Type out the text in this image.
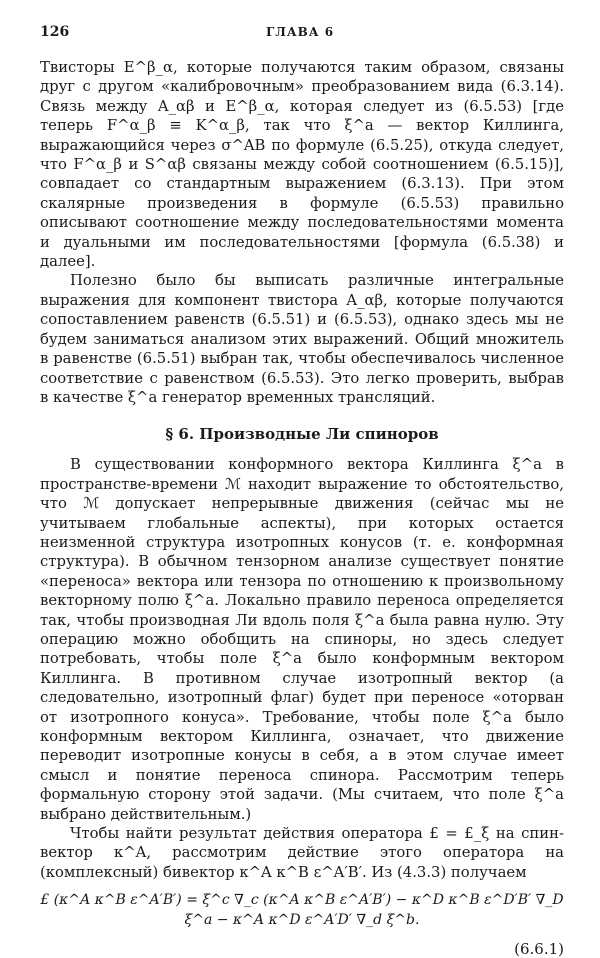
126	ГЛАВА 6

Твисторы Ε^β_α, которые получаются таким образом, связаны друг с другом «калибровочным» преобразованием вида (6.3.14). Связь между A_αβ и Ε^β_α, которая следует из (6.5.53) [где теперь F^α_β ≡ K^α_β, так что ξ^a — вектор Киллинга, выражающийся через σ^AB по формуле (6.5.25), откуда следует, что F^α_β и S^αβ связаны между собой соотношением (6.5.15)], совпадает со стандартным выражением (6.3.13). При этом скалярные произведения в формуле (6.5.53) правильно описывают соотношение между последовательностями момента и дуальными им последовательностями [формула (6.5.38) и далее].

Полезно было бы выписать различные интегральные выражения для компонент твистора A_αβ, которые получаются сопоставлением равенств (6.5.51) и (6.5.53), однако здесь мы не будем заниматься анализом этих выражений. Общий множитель в равенстве (6.5.51) выбран так, чтобы обеспечивалось численное соответствие с равенством (6.5.53). Это легко проверить, выбрав в качестве ξ^a генератор временных трансляций.

§ 6. Производные Ли спиноров

В существовании конформного вектора Киллинга ξ^a в пространстве-времени ℳ находит выражение то обстоятельство, что ℳ допускает непрерывные движения (сейчас мы не учитываем глобальные аспекты), при которых остается неизменной структура изотропных конусов (т. е. конформная структура). В обычном тензорном анализе существует понятие «переноса» вектора или тензора по отношению к произвольному векторному полю ξ^a. Локально правило переноса определяется так, чтобы производная Ли вдоль поля ξ^a была равна нулю. Эту операцию можно обобщить на спиноры, но здесь следует потребовать, чтобы поле ξ^a было конформным вектором Киллинга. В противном случае изотропный вектор (а следовательно, изотропный флаг) будет при переносе «оторван от изотропного конуса». Требование, чтобы поле ξ^a было конформным вектором Киллинга, означает, что движение переводит изотропные конусы в себя, а в этом случае имеет смысл и понятие переноса спинора. Рассмотрим теперь формальную сторону этой задачи. (Мы считаем, что поле ξ^a выбрано действительным.)

Чтобы найти результат действия оператора £ = £_ξ на спин-вектор κ^A, рассмотрим действие этого оператора на (комплексный) бивектор κ^A κ^B ε^A′B′. Из (4.3.3) получаем

£ (κ^A κ^B ε^A′B′) = ξ^c ∇_c (κ^A κ^B ε^A′B′) − κ^D κ^B ε^D′B′ ∇_D ξ^a − κ^A κ^D ε^A′D′ ∇_d ξ^b.
(6.6.1)
